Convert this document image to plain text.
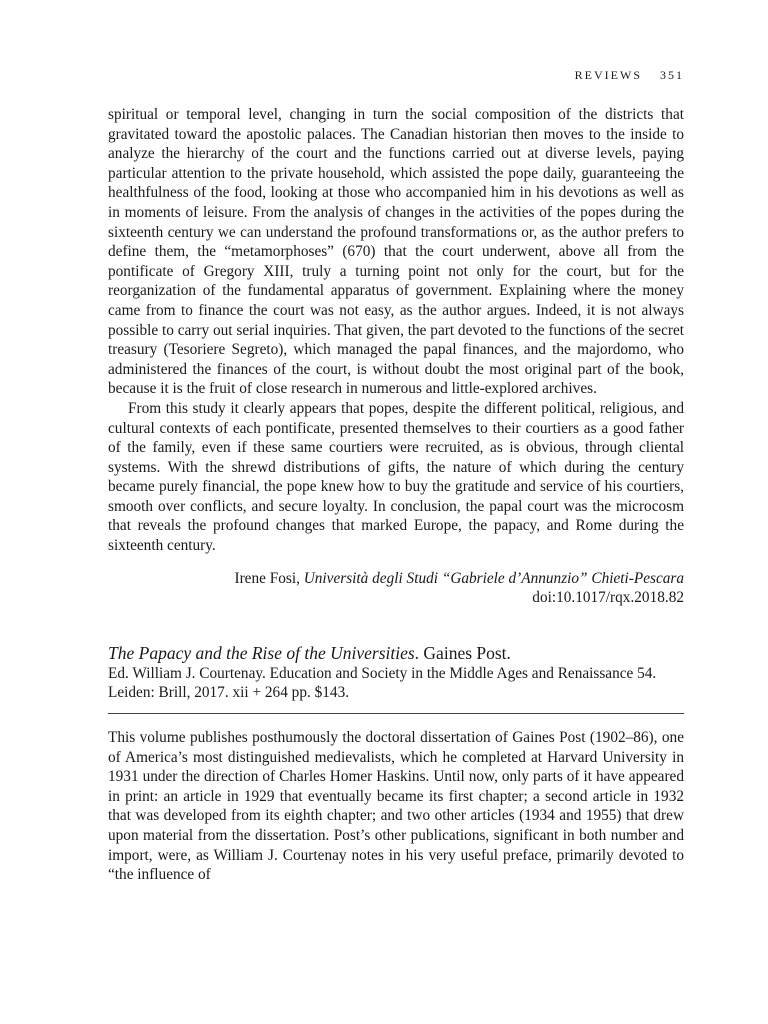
REVIEWS 351

spiritual or temporal level, changing in turn the social composition of the districts that gravitated toward the apostolic palaces. The Canadian historian then moves to the inside to analyze the hierarchy of the court and the functions carried out at diverse levels, paying particular attention to the private household, which assisted the pope daily, guaranteeing the healthfulness of the food, looking at those who accompanied him in his devotions as well as in moments of leisure. From the analysis of changes in the activities of the popes during the sixteenth century we can understand the profound transformations or, as the author prefers to define them, the “metamorphoses” (670) that the court underwent, above all from the pontificate of Gregory XIII, truly a turning point not only for the court, but for the reorganization of the fundamental apparatus of government. Explaining where the money came from to finance the court was not easy, as the author argues. Indeed, it is not always possible to carry out serial inquiries. That given, the part devoted to the functions of the secret treasury (Tesoriere Segreto), which managed the papal finances, and the majordomo, who administered the finances of the court, is without doubt the most original part of the book, because it is the fruit of close research in numerous and little-explored archives.

From this study it clearly appears that popes, despite the different political, religious, and cultural contexts of each pontificate, presented themselves to their courtiers as a good father of the family, even if these same courtiers were recruited, as is obvious, through cliental systems. With the shrewd distributions of gifts, the nature of which during the century became purely financial, the pope knew how to buy the gratitude and service of his courtiers, smooth over conflicts, and secure loyalty. In conclusion, the papal court was the microcosm that reveals the profound changes that marked Europe, the papacy, and Rome during the sixteenth century.

Irene Fosi, Università degli Studi “Gabriele d’Annunzio” Chieti-Pescara
doi:10.1017/rqx.2018.82
The Papacy and the Rise of the Universities. Gaines Post.
Ed. William J. Courtenay. Education and Society in the Middle Ages and Renaissance 54.
Leiden: Brill, 2017. xii + 264 pp. $143.

This volume publishes posthumously the doctoral dissertation of Gaines Post (1902–86), one of America’s most distinguished medievalists, which he completed at Harvard University in 1931 under the direction of Charles Homer Haskins. Until now, only parts of it have appeared in print: an article in 1929 that eventually became its first chapter; a second article in 1932 that was developed from its eighth chapter; and two other articles (1934 and 1955) that drew upon material from the dissertation. Post’s other publications, significant in both number and import, were, as William J. Courtenay notes in his very useful preface, primarily devoted to “the influence of
